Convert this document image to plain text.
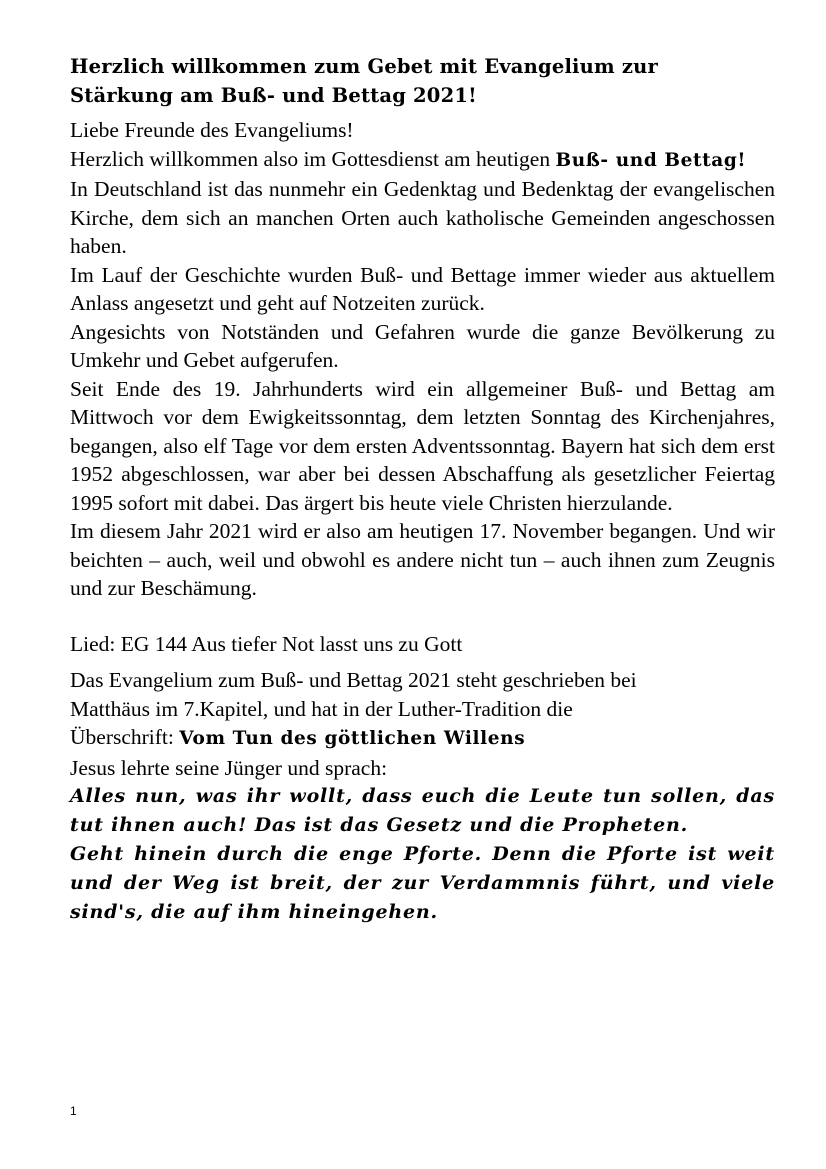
Herzlich willkommen zum Gebet mit Evangelium zur
Stärkung am Buß- und Bettag 2021!

Liebe Freunde des Evangeliums!

Herzlich willkommen also im Gottesdienst am heutigen Buß- und Bettag!

In Deutschland ist das nunmehr ein Gedenktag und Bedenktag der evangelischen Kirche, dem sich an manchen Orten auch katholische Gemeinden angeschossen haben.

Im Lauf der Geschichte wurden Buß- und Bettage immer wieder aus aktuellem Anlass angesetzt und geht auf Notzeiten zurück.

Angesichts von Notständen und Gefahren wurde die ganze Bevölkerung zu Umkehr und Gebet aufgerufen.

Seit Ende des 19. Jahrhunderts wird ein allgemeiner Buß- und Bettag am Mittwoch vor dem Ewigkeitssonntag, dem letzten Sonntag des Kirchenjahres, begangen, also elf Tage vor dem ersten Adventssonntag. Bayern hat sich dem erst 1952 abgeschlossen, war aber bei dessen Abschaffung als gesetzlicher Feiertag 1995 sofort mit dabei. Das ärgert bis heute viele Christen hierzulande.

Im diesem Jahr 2021 wird er also am heutigen 17. November begangen. Und wir beichten – auch, weil und obwohl es andere nicht tun – auch ihnen zum Zeugnis und zur Beschämung.

Lied: EG 144 Aus tiefer Not lasst uns zu Gott

Das Evangelium zum Buß- und Bettag 2021 steht geschrieben bei

Matthäus im 7.Kapitel, und hat in der Luther-Tradition die

Überschrift: Vom Tun des göttlichen Willens

Jesus lehrte seine Jünger und sprach:

Alles nun, was ihr wollt, dass euch die Leute tun sollen, das tut ihnen auch! Das ist das Gesetz und die Propheten.

Geht hinein durch die enge Pforte. Denn die Pforte ist weit und der Weg ist breit, der zur Verdammnis führt, und viele sind's, die auf ihm hineingehen.

1
